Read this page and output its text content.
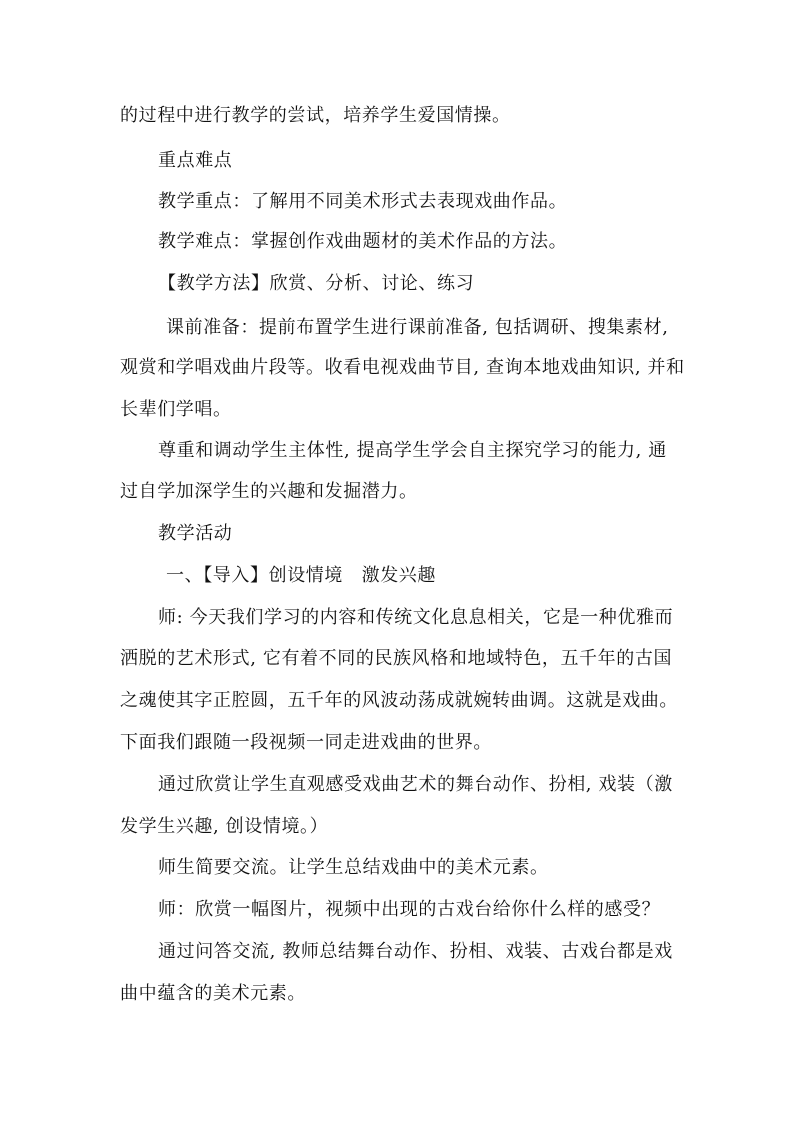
的过程中进行教学的尝试，培养学生爱国情操。
重点难点
教学重点：了解用不同美术形式去表现戏曲作品。
教学难点：掌握创作戏曲题材的美术作品的方法。
【教学方法】欣赏、分析、讨论、练习
课前准备：提前布置学生进行课前准备, 包括调研、搜集素材,
观赏和学唱戏曲片段等。收看电视戏曲节目, 查询本地戏曲知识, 并和
长辈们学唱。
尊重和调动学生主体性, 提高学生学会自主探究学习的能力, 通
过自学加深学生的兴趣和发掘潜力。
教学活动
一、【导入】创设情境　激发兴趣
师: 今天我们学习的内容和传统文化息息相关，它是一种优雅而
洒脱的艺术形式, 它有着不同的民族风格和地域特色，五千年的古国
之魂使其字正腔圆，五千年的风波动荡成就婉转曲调。这就是戏曲。
下面我们跟随一段视频一同走进戏曲的世界。
通过欣赏让学生直观感受戏曲艺术的舞台动作、扮相, 戏装（激
发学生兴趣, 创设情境。）
师生简要交流。让学生总结戏曲中的美术元素。
师：欣赏一幅图片，视频中出现的古戏台给你什么样的感受？
通过问答交流, 教师总结舞台动作、扮相、戏装、古戏台都是戏
曲中蕴含的美术元素。
